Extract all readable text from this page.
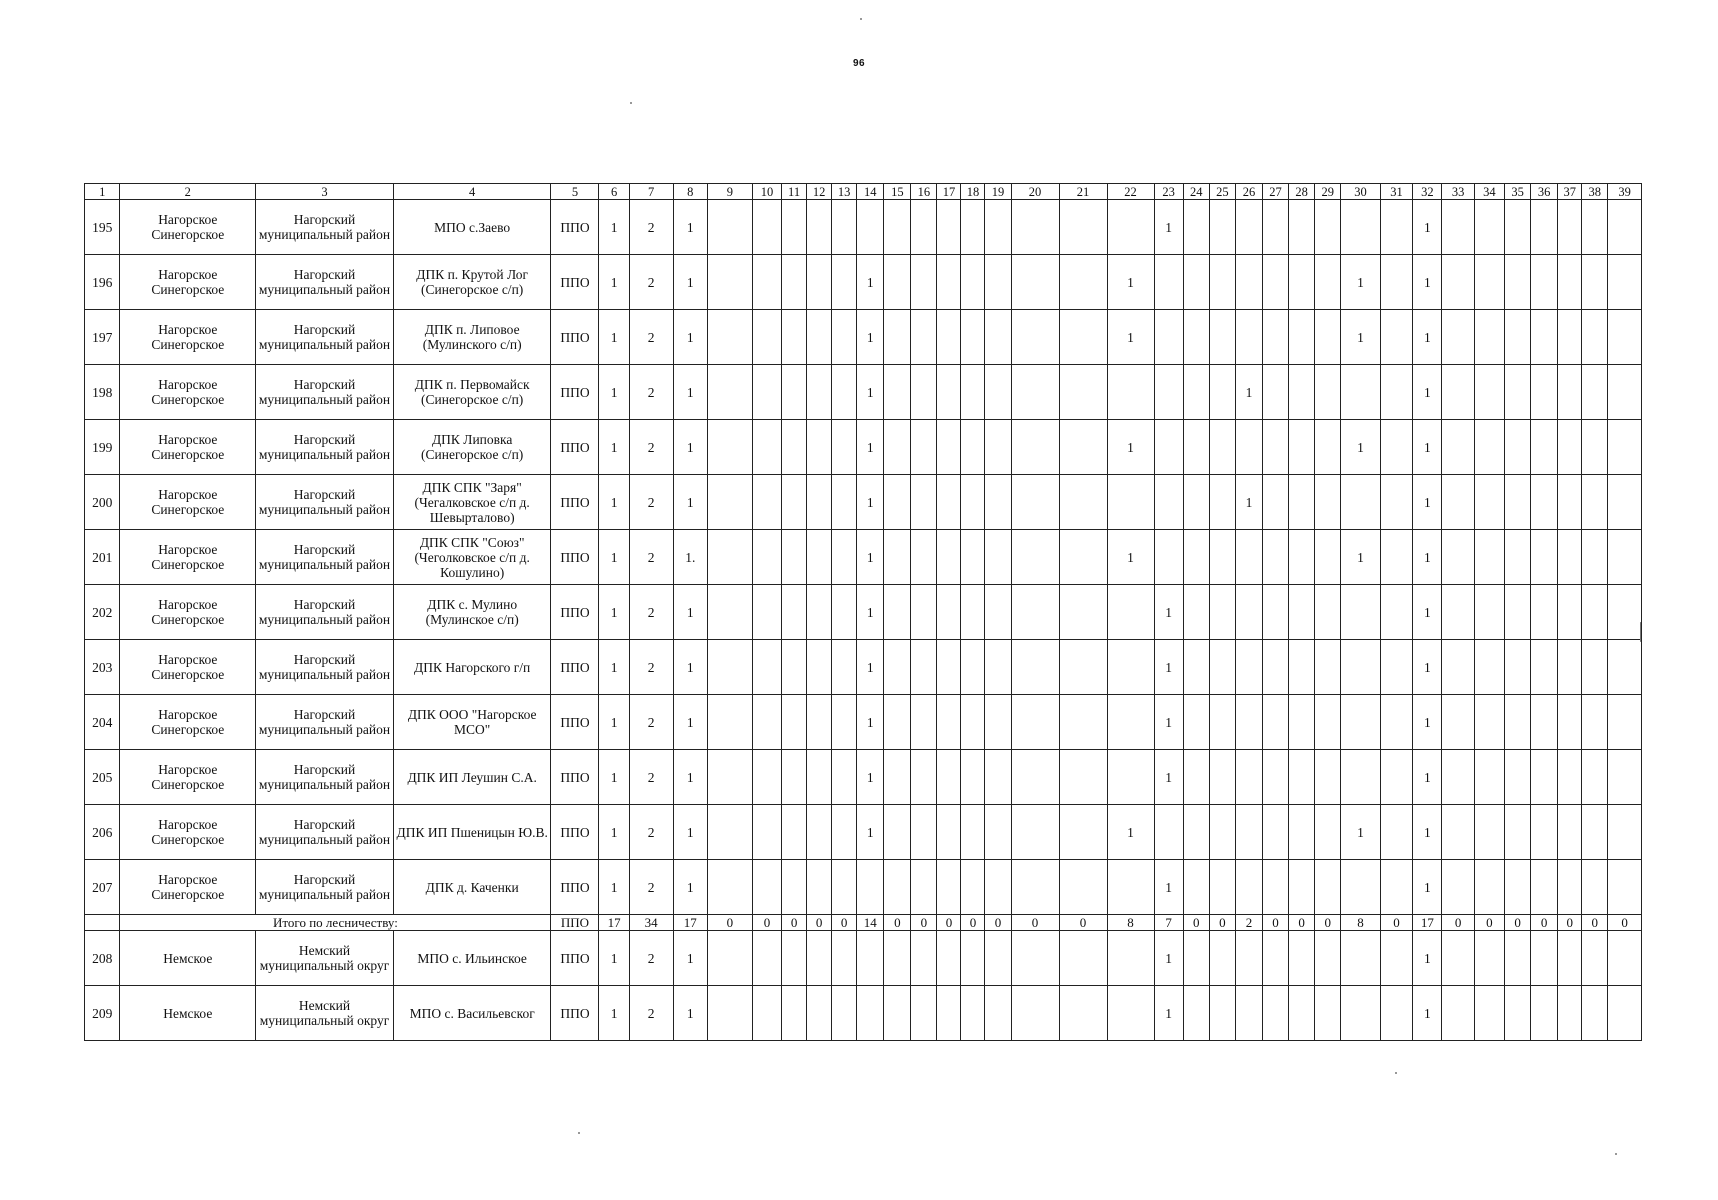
96
1	2	3	4	5	6	7	8	9	10	11	12	13	14	15	16	17	18	19	20	21	22	23	24	25	26	27	28	29	30	31	32	33	34	35	36	37	38	39
195	Нагорское Синегорское	Нагорский муниципальный район	МПО с.Заево	ППО	1	2	1															1									1							
196	Нагорское Синегорское	Нагорский муниципальный район	ДПК п. Крутой Лог (Синегорское с/п)	ППО	1	2	1						1								1								1		1							
197	Нагорское Синегорское	Нагорский муниципальный район	ДПК п. Липовое (Мулинского с/п)	ППО	1	2	1						1								1								1		1							
198	Нагорское Синегорское	Нагорский муниципальный район	ДПК п. Первомайск (Синегорское с/п)	ППО	1	2	1						1												1						1							
199	Нагорское Синегорское	Нагорский муниципальный район	ДПК Липовка (Синегорское с/п)	ППО	1	2	1						1								1								1		1							
200	Нагорское Синегорское	Нагорский муниципальный район	ДПК СПК "Заря" (Чегалковское с/п д. Шевырталово)	ППО	1	2	1						1												1						1							
201	Нагорское Синегорское	Нагорский муниципальный район	ДПК СПК "Союз" (Чеголковское с/п д. Кошулино)	ППО	1	2	1.						1								1								1		1							
202	Нагорское Синегорское	Нагорский муниципальный район	ДПК с. Мулино (Мулинское с/п)	ППО	1	2	1						1									1									1							
203	Нагорское Синегорское	Нагорский муниципальный район	ДПК Нагорского г/п	ППО	1	2	1						1									1									1							
204	Нагорское Синегорское	Нагорский муниципальный район	ДПК ООО "Нагорское МСО"	ППО	1	2	1						1									1									1							
205	Нагорское Синегорское	Нагорский муниципальный район	ДПК ИП Леушин С.А.	ППО	1	2	1						1									1									1							
206	Нагорское Синегорское	Нагорский муниципальный район	ДПК ИП Пшеницын Ю.В.	ППО	1	2	1						1								1								1		1							
207	Нагорское Синегорское	Нагорский муниципальный район	ДПК д. Каченки	ППО	1	2	1															1									1							
	Итого по лесничеству:			ППО	17	34	17	0	0	0	0	0	14	0	0	0	0	0	0	0	8	7	0	0	2	0	0	0	8	0	17	0	0	0	0	0	0	0
208	Немское	Немский муниципальный округ	МПО с. Ильинское	ППО	1	2	1															1									1							
209	Немское	Немский муниципальный округ	МПО с. Васильевског	ППО	1	2	1															1									1							
